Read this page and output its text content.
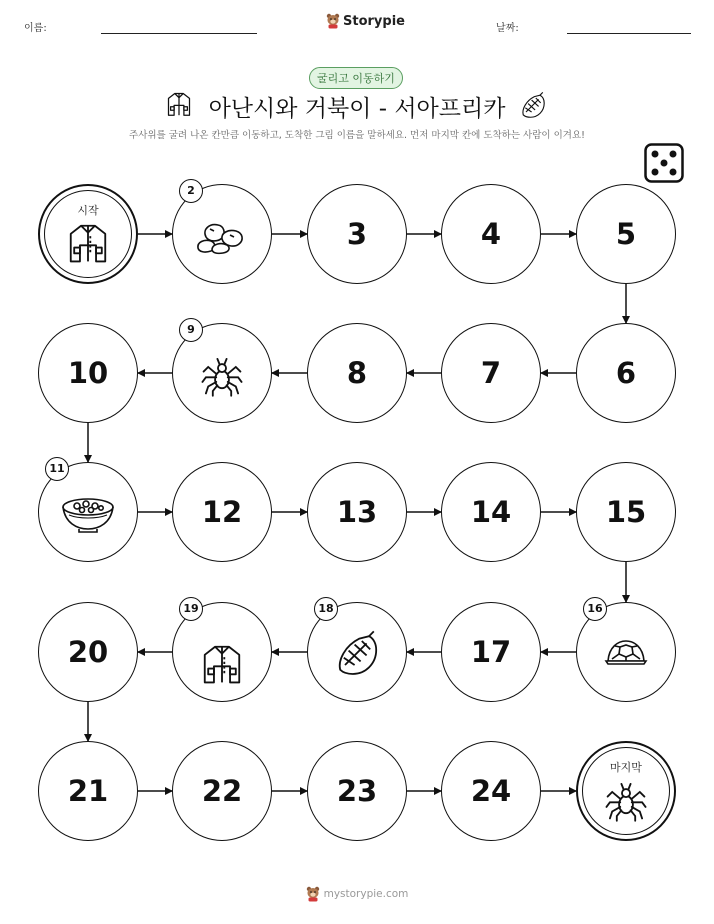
이름:	Storypie	날짜:
굴리고 이동하기
아난시와 거북이 - 서아프리카
주사위를 굴려 나온 칸만큼 이동하고, 도착한 그림 이름을 말하세요. 먼저 마지막 칸에 도착하는 사람이 이겨요!
시작
2
3	4	5
6
7
8
9
10
11
12	13	14	15
16
17
18
19
20
21	22	23	24
마지막
mystorypie.com
